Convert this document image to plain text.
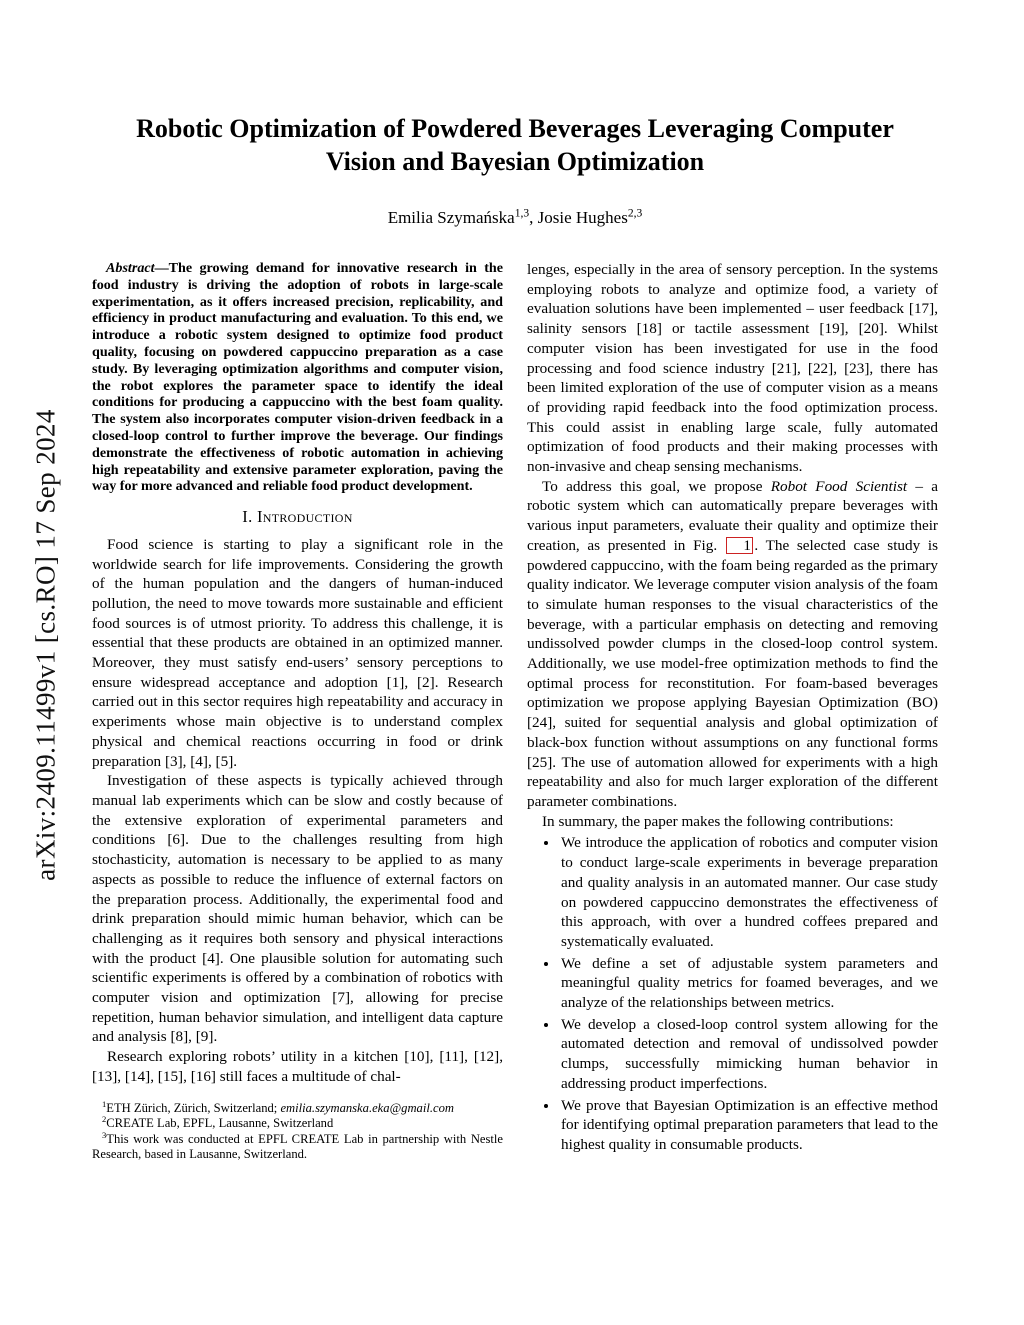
arXiv:2409.11499v1 [cs.RO] 17 Sep 2024
Robotic Optimization of Powdered Beverages Leveraging Computer
Vision and Bayesian Optimization
Emilia Szymańska$^{1,3}$, Josie Hughes$^{2,3}$

Abstract—The growing demand for innovative research in the food industry is driving the adoption of robots in large-scale experimentation, as it offers increased precision, replicability, and efficiency in product manufacturing and evaluation. To this end, we introduce a robotic system designed to optimize food product quality, focusing on powdered cappuccino preparation as a case study. By leveraging optimization algorithms and computer vision, the robot explores the parameter space to identify the ideal conditions for producing a cappuccino with the best foam quality. The system also incorporates computer vision-driven feedback in a closed-loop control to further improve the beverage. Our findings demonstrate the effectiveness of robotic automation in achieving high repeatability and extensive parameter exploration, paving the way for more advanced and reliable food product development.

I. Introduction

Food science is starting to play a significant role in the worldwide search for life improvements. Considering the growth of the human population and the dangers of human-induced pollution, the need to move towards more sustainable and efficient food sources is of utmost priority. To address this challenge, it is essential that these products are obtained in an optimized manner. Moreover, they must satisfy end-users’ sensory perceptions to ensure widespread acceptance and adoption [1], [2]. Research carried out in this sector requires high repeatability and accuracy in experiments whose main objective is to understand complex physical and chemical reactions occurring in food or drink preparation [3], [4], [5].

Investigation of these aspects is typically achieved through manual lab experiments which can be slow and costly because of the extensive exploration of experimental parameters and conditions [6]. Due to the challenges resulting from high stochasticity, automation is necessary to be applied to as many aspects as possible to reduce the influence of external factors on the preparation process. Additionally, the experimental food and drink preparation should mimic human behavior, which can be challenging as it requires both sensory and physical interactions with the product [4]. One plausible solution for automating such scientific experiments is offered by a combination of robotics with computer vision and optimization [7], allowing for precise repetition, human behavior simulation, and intelligent data capture and analysis [8], [9].

Research exploring robots’ utility in a kitchen [10], [11], [12], [13], [14], [15], [16] still faces a multitude of chal-

$^1$ETH Zürich, Zürich, Switzerland; emilia.szymanska.eka@gmail.com

$^2$CREATE Lab, EPFL, Lausanne, Switzerland

$^3$This work was conducted at EPFL CREATE Lab in partnership with Nestle Research, based in Lausanne, Switzerland.

lenges, especially in the area of sensory perception. In the systems employing robots to analyze and optimize food, a variety of evaluation solutions have been implemented – user feedback [17], salinity sensors [18] or tactile assessment [19], [20]. Whilst computer vision has been investigated for use in the food processing and food science industry [21], [22], [23], there has been limited exploration of the use of computer vision as a means of providing rapid feedback into the food optimization process. This could assist in enabling large scale, fully automated optimization of food products and their making processes with non-invasive and cheap sensing mechanisms.

To address this goal, we propose Robot Food Scientist – a robotic system which can automatically prepare beverages with various input parameters, evaluate their quality and optimize their creation, as presented in Fig. 1 . The selected case study is powdered cappuccino, with the foam being regarded as the primary quality indicator. We leverage computer vision analysis of the foam to simulate human responses to the visual characteristics of the beverage, with a particular emphasis on detecting and removing undissolved powder clumps in the closed-loop control system. Additionally, we use model-free optimization methods to find the optimal process for reconstitution. For foam-based beverages optimization we propose applying Bayesian Optimization (BO) [24], suited for sequential analysis and global optimization of black-box function without assumptions on any functional forms [25]. The use of automation allowed for experiments with a high repeatability and also for much larger exploration of the different parameter combinations.

In summary, the paper makes the following contributions:

• We introduce the application of robotics and computer vision to conduct large-scale experiments in beverage preparation and quality analysis in an automated manner. Our case study on powdered cappuccino demonstrates the effectiveness of this approach, with over a hundred coffees prepared and systematically evaluated.
• We define a set of adjustable system parameters and meaningful quality metrics for foamed beverages, and we analyze of the relationships between metrics.
• We develop a closed-loop control system allowing for the automated detection and removal of undissolved powder clumps, successfully mimicking human behavior in addressing product imperfections.
• We prove that Bayesian Optimization is an effective method for identifying optimal preparation parameters that lead to the highest quality in consumable products.
